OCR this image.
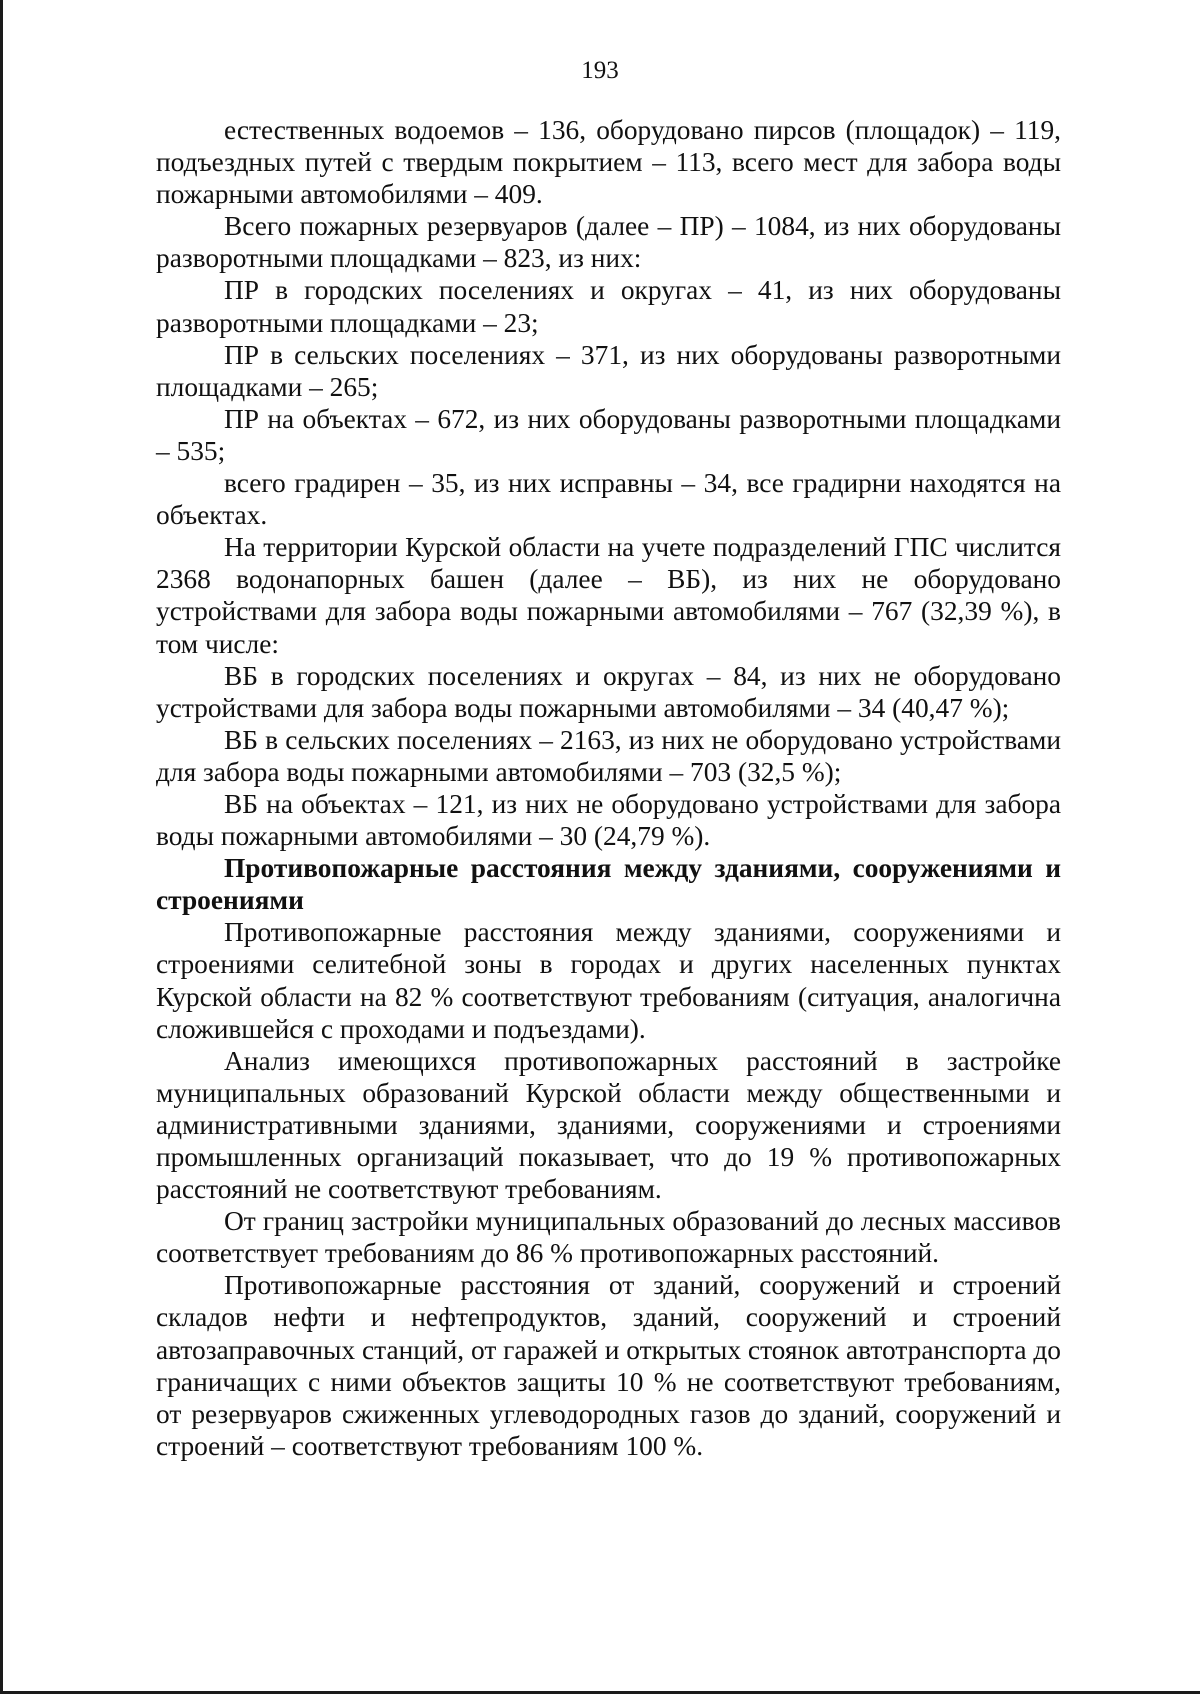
193

естественных водоемов – 136, оборудовано пирсов (площадок) – 119, подъездных путей с твердым покрытием – 113, всего мест для забора воды пожарными автомобилями – 409.

Всего пожарных резервуаров (далее – ПР) – 1084, из них оборудованы разворотными площадками – 823, из них:

ПР в городских поселениях и округах – 41, из них оборудованы разворотными площадками – 23;

ПР в сельских поселениях – 371, из них оборудованы разворотными площадками – 265;

ПР на объектах – 672, из них оборудованы разворотными площадками – 535;

всего градирен – 35, из них исправны – 34, все градирни находятся на объектах.

На территории Курской области на учете подразделений ГПС числится 2368 водонапорных башен (далее – ВБ), из них не оборудовано устройствами для забора воды пожарными автомобилями – 767 (32,39 %), в том числе:

ВБ в городских поселениях и округах – 84, из них не оборудовано устройствами для забора воды пожарными автомобилями – 34 (40,47 %);

ВБ в сельских поселениях – 2163, из них не оборудовано устройствами для забора воды пожарными автомобилями – 703 (32,5 %);

ВБ на объектах – 121, из них не оборудовано устройствами для забора воды пожарными автомобилями – 30 (24,79 %).

Противопожарные расстояния между зданиями, сооружениями и строениями

Противопожарные расстояния между зданиями, сооружениями и строениями селитебной зоны в городах и других населенных пунктах Курской области на 82 % соответствуют требованиям (ситуация, аналогична сложившейся с проходами и подъездами).

Анализ имеющихся противопожарных расстояний в застройке муниципальных образований Курской области между общественными и административными зданиями, зданиями, сооружениями и строениями промышленных организаций показывает, что до 19 % противопожарных расстояний не соответствуют требованиям.

От границ застройки муниципальных образований до лесных массивов соответствует требованиям до 86 % противопожарных расстояний.

Противопожарные расстояния от зданий, сооружений и строений складов нефти и нефтепродуктов, зданий, сооружений и строений автозаправочных станций, от гаражей и открытых стоянок автотранспорта до граничащих с ними объектов защиты 10 % не соответствуют требованиям, от резервуаров сжиженных углеводородных газов до зданий, сооружений и строений – соответствуют требованиям 100 %.
